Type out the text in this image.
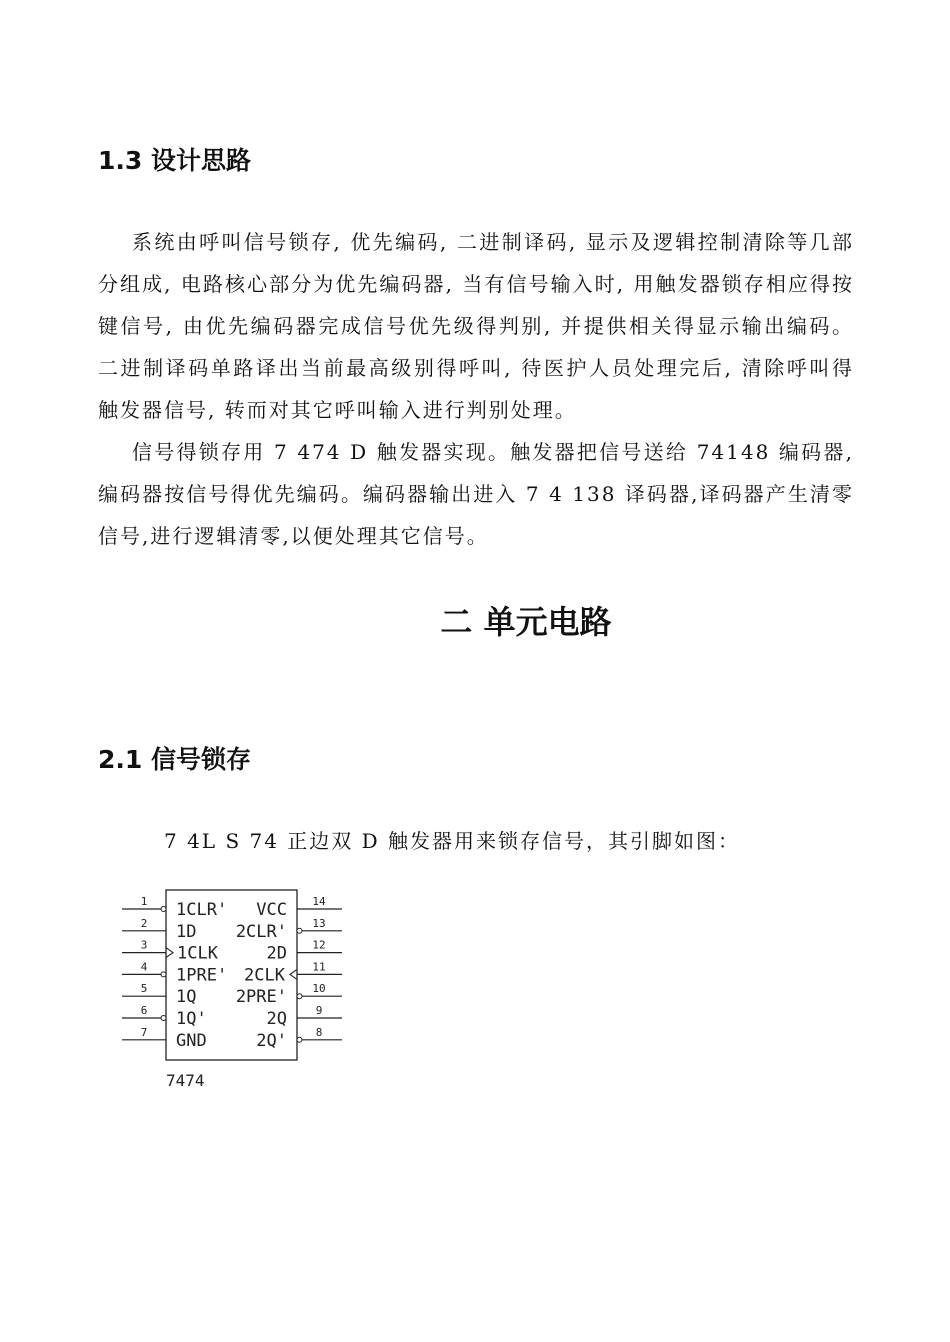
1.3 设计思路

系统由呼叫信号锁存, 优先编码, 二进制译码, 显示及逻辑控制清除等几部分组成, 电路核心部分为优先编码器, 当有信号输入时, 用触发器锁存相应得按键信号, 由优先编码器完成信号优先级得判别, 并提供相关得显示输出编码。二进制译码单路译出当前最高级别得呼叫, 待医护人员处理完后, 清除呼叫得触发器信号, 转而对其它呼叫输入进行判别处理。

信号得锁存用 7 474 D 触发器实现。触发器把信号送给 74148 编码器, 编码器按信号得优先编码。编码器输出进入 7 4 138 译码器,译码器产生清零信号,进行逻辑清零,以便处理其它信号。

二 单元电路
2.1 信号锁存

7 4L S 74 正边双 D 触发器用来锁存信号，其引脚如图：

1 1CLR'
2 1D
3 1CLK
4 1PRE'
5 1Q
6 1Q'
7 GND
14
VCC
13
2CLR'
12
2D
11
2CLK
10
2PRE'
9
2Q
8
2Q'
7474
